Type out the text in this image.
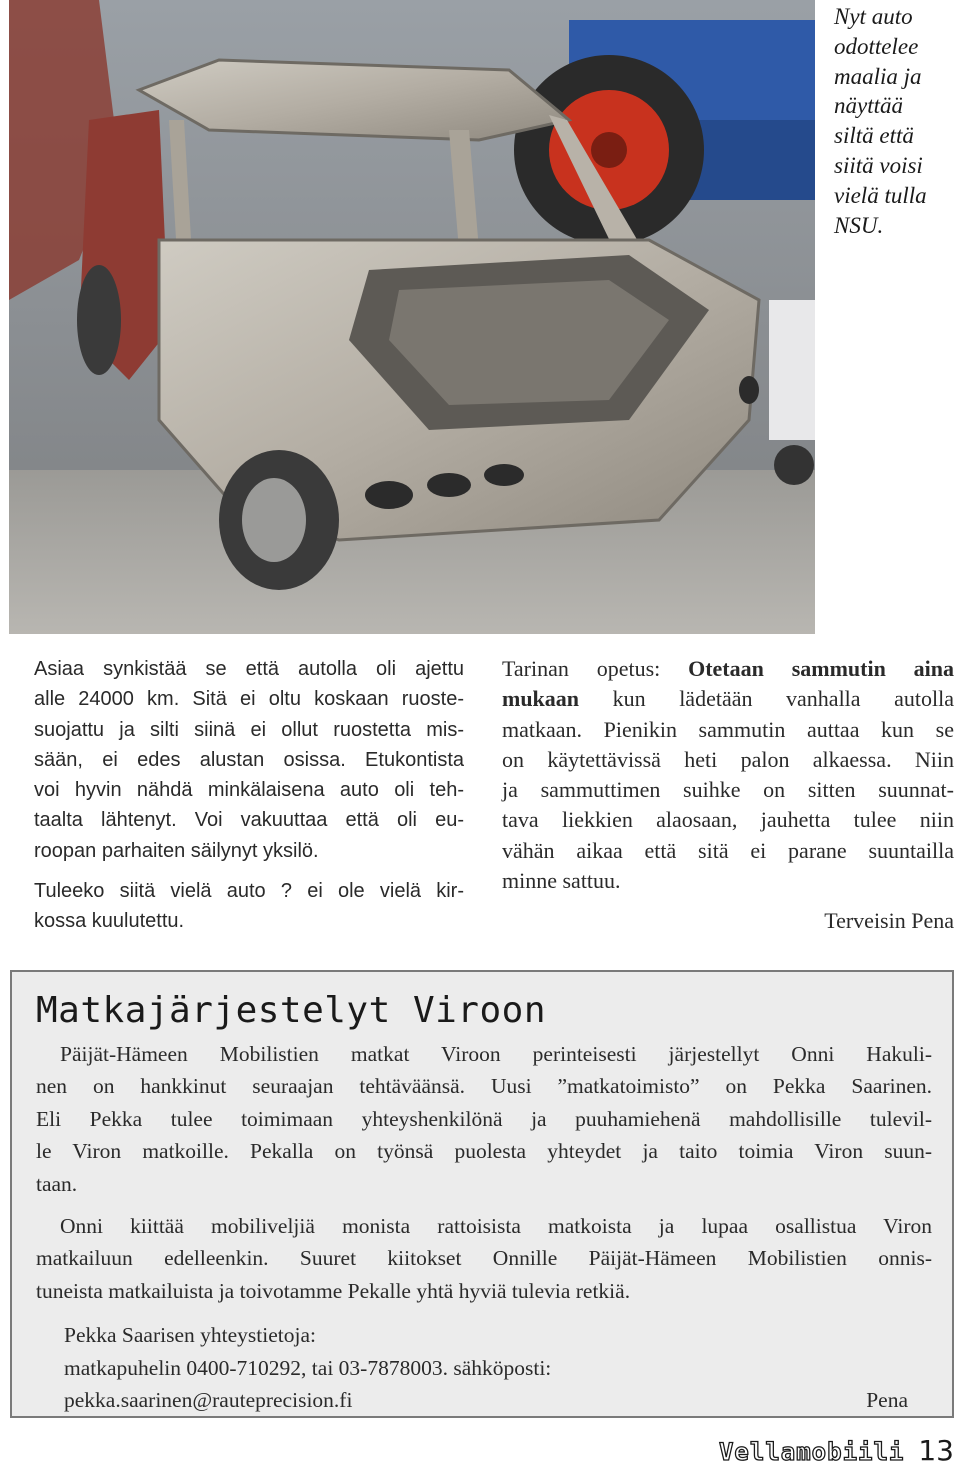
Nyt auto
odottelee
maalia ja
näyttää
siltä että
siitä voisi
vielä tulla
NSU.
Asiaa synkistää se että autolla oli ajettu
alle 24000 km. Sitä ei oltu koskaan ruoste-
suojattu ja silti siinä ei ollut ruostetta mis-
sään, ei edes alustan osissa. Etukontista
voi hyvin nähdä minkälaisena auto oli teh-
taalta lähtenyt. Voi vakuuttaa että oli eu-
roopan parhaiten säilynyt yksilö.
Tuleeko siitä vielä auto ? ei ole vielä kir-
kossa kuulutettu.
Tarinan opetus: Otetaan sammutin aina
mukaan kun lädetään vanhalla autolla
matkaan. Pienikin sammutin auttaa kun se
on käytettävissä heti palon alkaessa. Niin
ja sammuttimen suihke on sitten suunnat-
tava liekkien alaosaan, jauhetta tulee niin
vähän aikaa että sitä ei parane suuntailla
minne sattuu.
Terveisin Pena
Matkajärjestelyt Viroon
Päijät-Hämeen Mobilistien matkat Viroon perinteisesti järjestellyt Onni Hakuli-
nen on hankkinut seuraajan tehtäväänsä. Uusi ”matkatoimisto” on Pekka Saarinen.
Eli Pekka tulee toimimaan yhteyshenkilönä ja puuhamiehenä mahdollisille tulevil-
le Viron matkoille. Pekalla on työnsä puolesta yhteydet ja taito toimia Viron suun-
taan.
Onni kiittää mobiliveljiä monista rattoisista matkoista ja lupaa osallistua Viron
matkailuun edelleenkin. Suuret kiitokset Onnille Päijät-Hämeen Mobilistien onnis-
tuneista matkailuista ja toivotamme Pekalle yhtä hyviä tulevia retkiä.
Pekka Saarisen yhteystietoja:
matkapuhelin 0400-710292, tai 03-7878003. sähköposti:
pekka.saarinen@rauteprecision.fi	Pena
Vellamobiili 13
